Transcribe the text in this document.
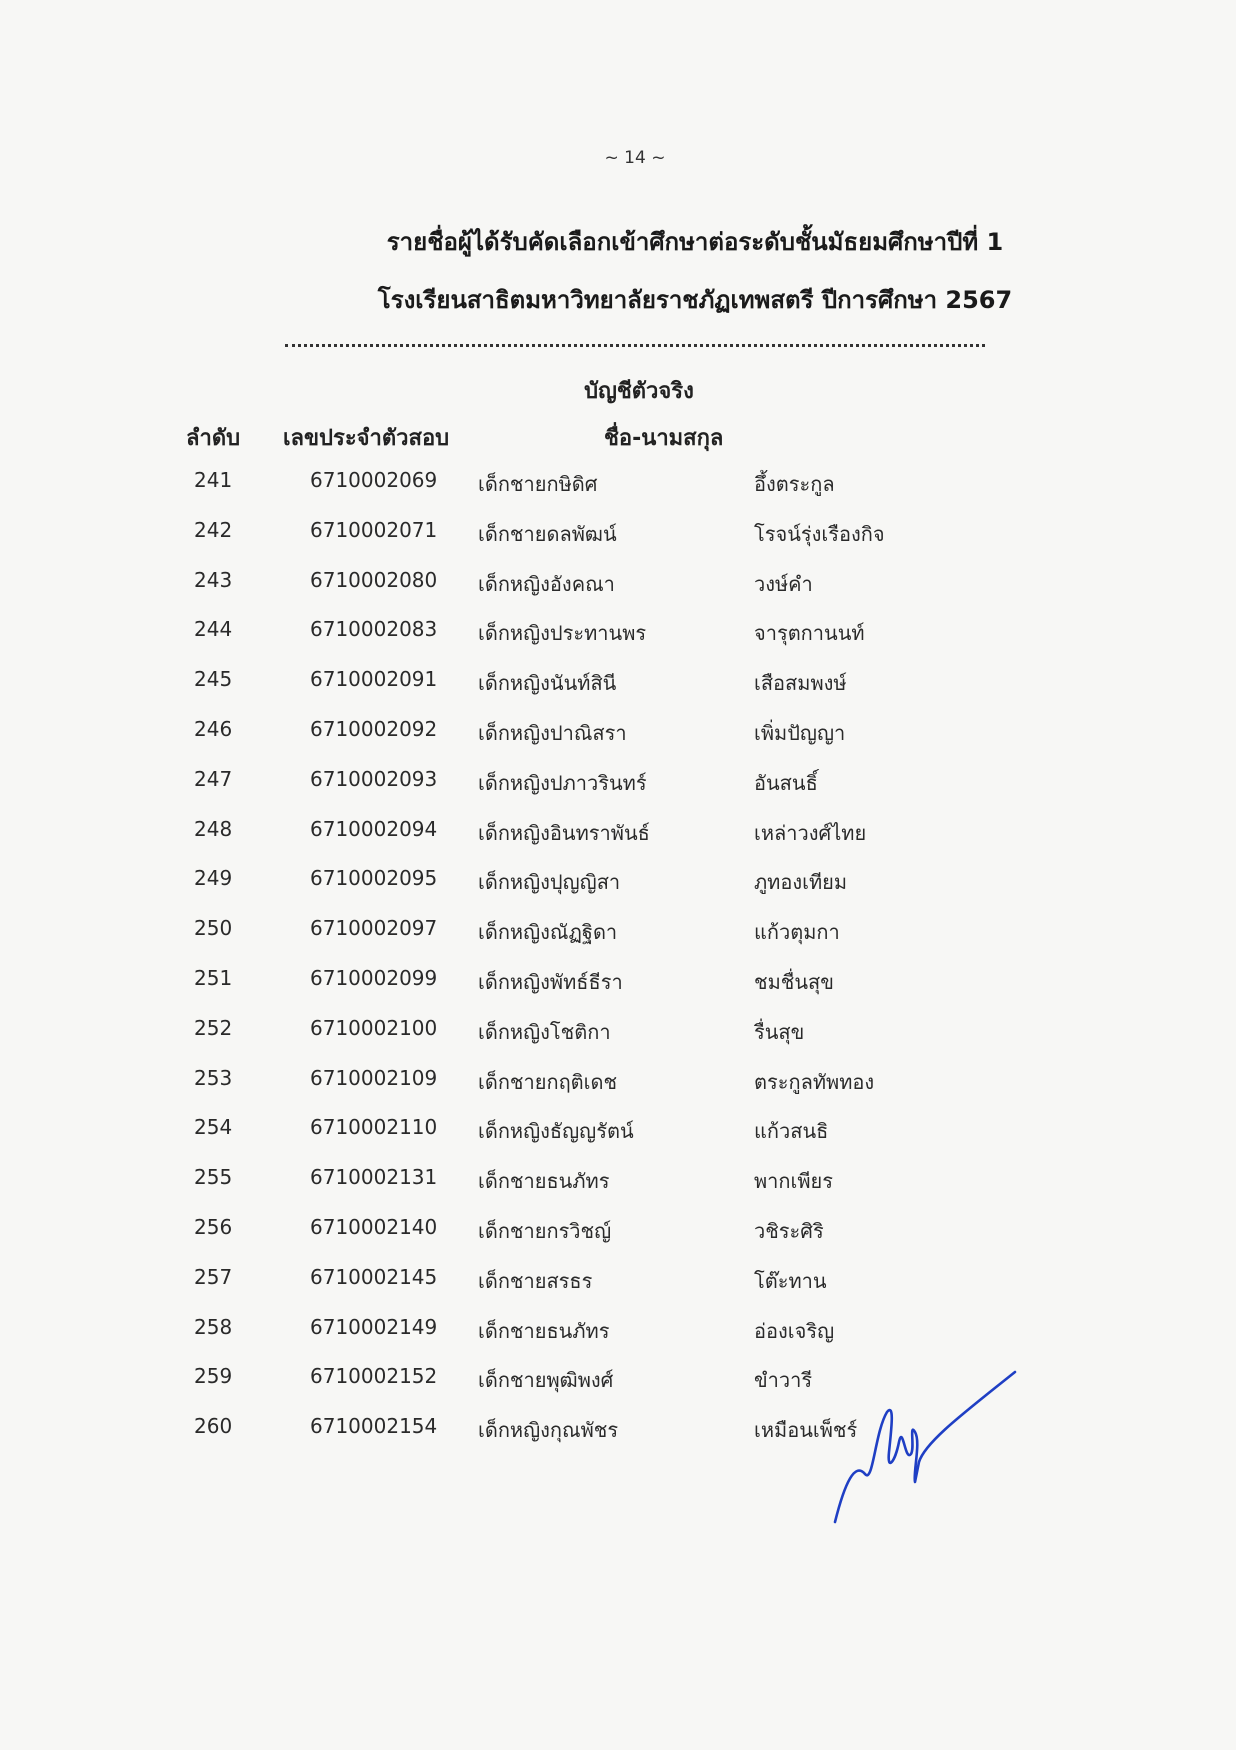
~ 14 ~
รายชื่อผู้ได้รับคัดเลือกเข้าศึกษาต่อระดับชั้นมัธยมศึกษาปีที่ 1
โรงเรียนสาธิตมหาวิทยาลัยราชภัฏเทพสตรี ปีการศึกษา 2567
บัญชีตัวจริง
ลำดับ เลขประจำตัวสอบ	ชื่อ-นามสกุล
241	6710002069 เด็กชายกษิดิศ	อึ้งตระกูล
242	6710002071 เด็กชายดลพัฒน์	โรจน์รุ่งเรืองกิจ
243	6710002080 เด็กหญิงอังคณา	วงษ์คำ
244	6710002083 เด็กหญิงประทานพร	จารุตกานนท์
245	6710002091 เด็กหญิงนันท์สินี	เสือสมพงษ์
246	6710002092 เด็กหญิงปาณิสรา	เพิ่มปัญญา
247	6710002093 เด็กหญิงปภาวรินทร์	อันสนธิ์
248	6710002094 เด็กหญิงอินทราพันธ์	เหล่าวงศ์ไทย
249	6710002095 เด็กหญิงปุญญิสา	ภูทองเทียม
250	6710002097 เด็กหญิงณัฏฐิดา	แก้วตุมกา
251	6710002099 เด็กหญิงพัทธ์ธีรา	ชมชื่นสุข
252	6710002100 เด็กหญิงโชติกา	รื่นสุข
253	6710002109 เด็กชายกฤติเดช	ตระกูลทัพทอง
254	6710002110 เด็กหญิงธัญญรัตน์	แก้วสนธิ
255	6710002131 เด็กชายธนภัทร	พากเพียร
256	6710002140 เด็กชายกรวิชญ์	วชิระศิริ
257	6710002145 เด็กชายสรธร	โต๊ะทาน
258	6710002149 เด็กชายธนภัทร	อ่องเจริญ
259	6710002152 เด็กชายพุฒิพงศ์	ขำวารี
260	6710002154 เด็กหญิงกุณพัชร	เหมือนเพ็ชร์
